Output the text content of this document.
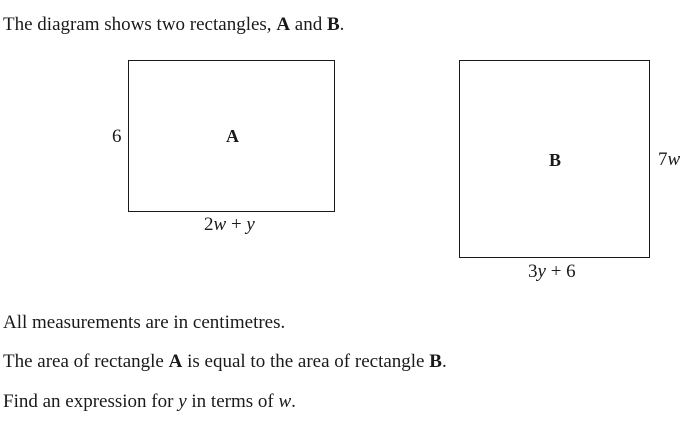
The diagram shows two rectangles, A and B.
A
6
2w + y
B	7w
3y + 6
All measurements are in centimetres.
The area of rectangle A is equal to the area of rectangle B.
Find an expression for y in terms of w.
